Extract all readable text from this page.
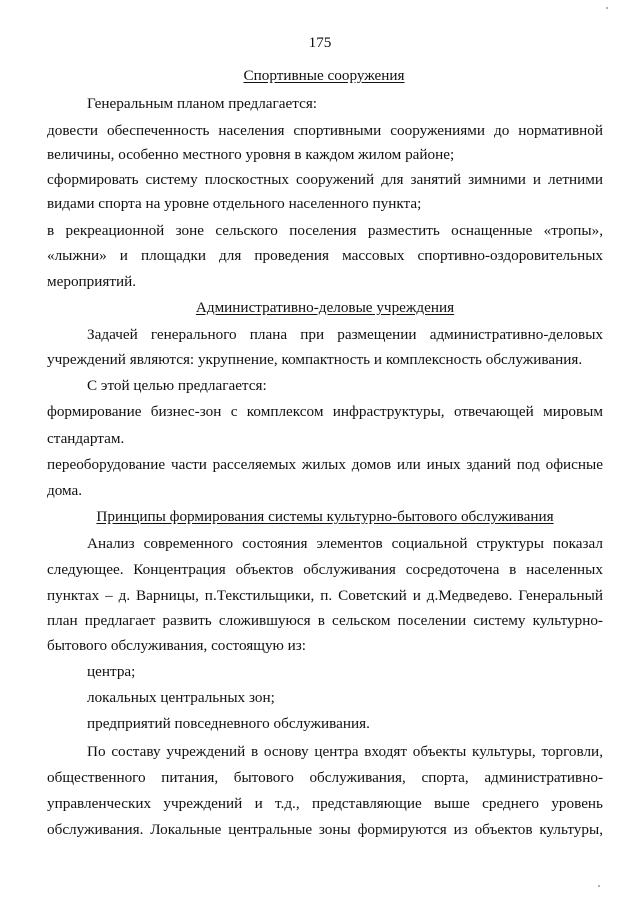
175
Спортивные сооружения
Генеральным планом предлагается:
довести обеспеченность населения спортивными сооружениями до нормативной
величины, особенно местного уровня в каждом жилом районе;
сформировать систему плоскостных сооружений для занятий зимними и летними
видами спорта на уровне отдельного населенного пункта;
в рекреационной зоне сельского поселения разместить оснащенные «тропы»,
«лыжни» и площадки для проведения массовых спортивно-оздоровительных
мероприятий.
Административно-деловые учреждения
Задачей генерального плана при размещении административно-деловых
учреждений являются: укрупнение, компактность и комплексность обслуживания.
С этой целью предлагается:
формирование бизнес-зон с комплексом инфраструктуры, отвечающей мировым
стандартам.
переоборудование части расселяемых жилых домов или иных зданий под офисные
дома.
Принципы формирования системы культурно-бытового обслуживания
Анализ современного состояния элементов социальной структуры показал
следующее. Концентрация объектов обслуживания сосредоточена в населенных
пунктах – д. Варницы, п.Текстильщики, п. Советский и д.Медведево. Генеральный
план предлагает развить сложившуюся в сельском поселении систему культурно-
бытового обслуживания, состоящую из:
центра;
локальных центральных зон;
предприятий повседневного обслуживания.
По составу учреждений в основу центра входят объекты культуры, торговли,
общественного питания, бытового обслуживания, спорта, административно-
управленческих учреждений и т.д., представляющие выше среднего уровень
обслуживания. Локальные центральные зоны формируются из объектов культуры,
